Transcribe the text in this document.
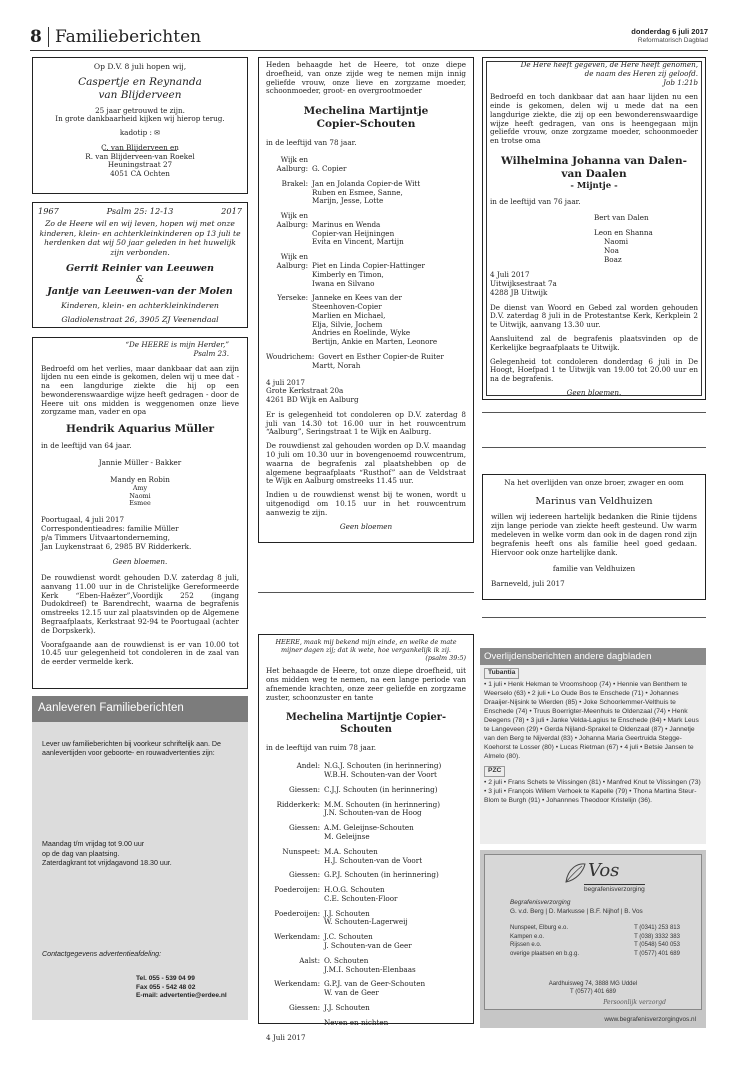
8 Familieberichten	donderdag 6 juli 2017
Reformatorisch Dagblad
Op D.V. 8 juli hopen wij,
Caspertje en Reynanda
van Blijderveen
25 jaar getrouwd te zijn.
In grote dankbaarheid kijken wij hierop terug.
kadotip : ✉
C. van Blijderveen en
R. van Blijderveen-van Roekel
Heuningstraat 27
4051 CA Ochten
1967	Psalm 25: 12-13	2017
Zo de Heere wil en wij leven, hopen wij met onze kinderen, klein- en achterkleinkinderen op 13 juli te herdenken dat wij 50 jaar geleden in het huwelijk zijn verbonden.
Gerrit Reinier van Leeuwen
&
Jantje van Leeuwen-van der Molen
Kinderen, klein- en achterkleinkinderen
Gladiolenstraat 26, 3905 ZJ Veenendaal
“De HEERE is mijn Herder,”
Psalm 23.

Bedroefd om het verlies, maar dankbaar dat aan zijn lijden nu een einde is gekomen, delen wij u mee dat - na een langdurige ziekte die hij op een bewonderenswaardige wijze heeft gedragen - door de Heere uit ons midden is weggenomen onze lieve zorgzame man, vader en opa

Hendrik Aquarius Müller
in de leeftijd van 64 jaar.
Jannie Müller - Bakker
Mandy en Robin
Amy
Naomi
Esmee
Poortugaal, 4 juli 2017
Correspondentieadres: familie Müller
p/a Timmers Uitvaartonderneming,
Jan Luykenstraat 6, 2985 BV Ridderkerk.
Geen bloemen.

De rouwdienst wordt gehouden D.V. zaterdag 8 juli, aanvang 11.00 uur in de Christelijke Gereformeerde Kerk “Eben-Haëzer”,Voordijk 252 (ingang Dudokdreef) te Barendrecht, waarna de begrafenis omstreeks 12.15 uur zal plaatsvinden op de Algemene Begraafplaats, Kerkstraat 92-94 te Poortugaal (achter de Dorpskerk).

Voorafgaande aan de rouwdienst is er van 10.00 tot 10.45 uur gelegenheid tot condoleren in de zaal van de eerder vermelde kerk.

Aanleveren Familieberichten
Lever uw familieberichten bij voorkeur schriftelijk aan. De aanlevertijden voor geboorte- en rouwadvertenties zijn:
Maandag t/m vrijdag tot 9.00 uur
op de dag van plaatsing.
Zaterdagkrant tot vrijdagavond 18.30 uur.
Contactgegevens advertentieafdeling:
Tel. 055 - 539 04 99
Fax 055 - 542 48 02
E-mail: advertentie@erdee.nl

Heden behaagde het de Heere, tot onze diepe droefheid, van onze zijde weg te nemen mijn innig geliefde vrouw, onze lieve en zorgzame moeder, schoonmoeder, groot- en overgrootmoeder

Mechelina Martijntje
Copier-Schouten
in de leeftijd van 78 jaar.
Wijk en
Aalburg: G. Copier
Brakel: Jan en Jolanda Copier-de Witt
Ruben en Esmee, Sanne,
Marijn, Jesse, Lotte
Wijk en
Aalburg: Marinus en Wenda
Copier-van Heijningen
Evita en Vincent, Martijn
Wijk en
Aalburg: Piet en Linda Copier-Hattinger
Kimberly en Timon,
Iwana en Silvano
Yerseke: Janneke en Kees van der
Steenhoven-Copier
Marlien en Michael,
Elja, Silvie, Jochem
Andries en Roelinde, Wyke
Bertijn, Ankie en Marten, Leonore
Woudrichem: Govert en Esther Copier-de Ruiter
Martt, Norah
4 juli 2017
Grote Kerkstraat 20a
4261 BD Wijk en Aalburg

Er is gelegenheid tot condoleren op D.V. zaterdag 8 juli van 14.30 tot 16.00 uur in het rouwcentrum “Aalburg”, Seringstraat 1 te Wijk en Aalburg.

De rouwdienst zal gehouden worden op D.V. maandag 10 juli om 10.30 uur in bovengenoemd rouwcentrum, waarna de begrafenis zal plaatshebben op de algemene begraafplaats “Rusthof” aan de Veldstraat te Wijk en Aalburg omstreeks 11.45 uur.

Indien u de rouwdienst wenst bij te wonen, wordt u uitgenodigd om 10.15 uur in het rouwcentrum aanwezig te zijn.

Geen bloemen
HEERE, maak mij bekend mijn einde, en welke de mate mijner dagen zij; dat ik wete, hoe vergankelijk ik zij.
(psalm 39:5)

Het behaagde de Heere, tot onze diepe droefheid, uit ons midden weg te nemen, na een lange periode van afnemende krachten, onze zeer geliefde en zorgzame zuster, schoonzuster en tante

Mechelina Martijntje Copier-Schouten
in de leeftijd van ruim 78 jaar.
Andel: N.G.J. Schouten (in herinnering)
W.B.H. Schouten-van der Voort
Giessen: C.J.J. Schouten (in herinnering)
Ridderkerk: M.M. Schouten (in herinnering)
J.N. Schouten-van de Hoog
Giessen: A.M. Geleijnse-Schouten
M. Geleijnse
Nunspeet: M.A. Schouten
H.J. Schouten-van de Voort
Giessen: G.P.J. Schouten (in herinnering)
Poederoijen: H.O.G. Schouten
C.E. Schouten-Floor
Poederoijen: J.J. Schouten
W. Schouten-Lagerweij
Werkendam: J.C. Schouten
J. Schouten-van de Geer
Aalst: O. Schouten
J.M.I. Schouten-Elenbaas
Werkendam: G.P.J. van de Geer-Schouten
W. van de Geer
Giessen: J.J. Schouten
Neven en nichten
4 Juli 2017
De Here heeft gegeven, de Here heeft genomen,
de naam des Heren zij geloofd.
Job 1:21b

Bedroefd en toch dankbaar dat aan haar lijden nu een einde is gekomen, delen wij u mede dat na een langdurige ziekte, die zij op een bewonderenswaardige wijze heeft gedragen, van ons is heengegaan mijn geliefde vrouw, onze zorgzame moeder, schoonmoeder en trotse oma

Wilhelmina Johanna van Dalen-
van Daalen
- Mijntje -
in de leeftijd van 76 jaar.
Bert van Dalen
Leon en Shanna
Naomi
Noa
Boaz
4 Juli 2017
Uitwijksestraat 7a
4288 JB Uitwijk

De dienst van Woord en Gebed zal worden gehouden D.V. zaterdag 8 juli in de Protestantse Kerk, Kerkplein 2 te Uitwijk, aanvang 13.30 uur.

Aansluitend zal de begrafenis plaatsvinden op de Kerkelijke begraafplaats te Uitwijk.

Gelegenheid tot condoleren donderdag 6 juli in De Hoogt, Hoefpad 1 te Uitwijk van 19.00 tot 20.00 uur en na de begrafenis.

Geen bloemen.
Na het overlijden van onze broer, zwager en oom
Marinus van Veldhuizen

willen wij iedereen hartelijk bedanken die Rinie tijdens zijn lange periode van ziekte heeft gesteund. Uw warm medeleven in welke vorm dan ook in de dagen rond zijn begrafenis heeft ons als familie heel goed gedaan. Hiervoor ook onze hartelijke dank.

familie van Veldhuizen
Barneveld, juli 2017
Overlijdensberichten andere dagbladen
Tubantia
• 1 juli • Henk Hekman te Vroomshoop (74) • Hennie van Benthem te Weerselo (63) • 2 juli • Lo Oude Bos te Enschede (71) • Johannes Draaijer-Nijsink te Wierden (85) • Joke Schoorlemmer-Velthuis te Enschede (74) • Truus Boerrigter-Meenhuis te Oldenzaal (74) • Henk Deegens (78) • 3 juli • Janke Velda-Lagius te Enschede (84) • Mark Leus te Langeveen (29) • Gerda Nijland-Sprakel te Oldenzaal (87) • Jannetje van den Berg te Nijverdal (83) • Johanna Maria Geertruida Stegge-Koehorst te Losser (80) • Lucas Rietman (67) • 4 juli • Betsie Jansen te Almelo (80).
PZC
• 2 juli • Frans Schets te Vlissingen (81) • Manfred Knut te Vlissingen (73) • 3 juli • François Willem Verhoek te Kapelle (79) • Thona Martina Steur-Blom te Burgh (91) • Johannnes Theodoor Kristelijn (36).
Vos
begrafenisverzorging
Begrafenisverzorging
G. v.d. Berg | D. Markusse | B.F. Nijhof | B. Vos
Nunspeet, Elburg e.o.	T (0341) 253 813
Kampen e.o.	T (038) 3332 383
Rijssen e.o.	T (0548) 540 053
overige plaatsen en b.g.g.	T (0577) 401 689
Aardhuisweg 74, 3888 MG Uddel
T (0577) 401 689
Persoonlijk verzorgd
www.begrafenisverzorgingvos.nl
